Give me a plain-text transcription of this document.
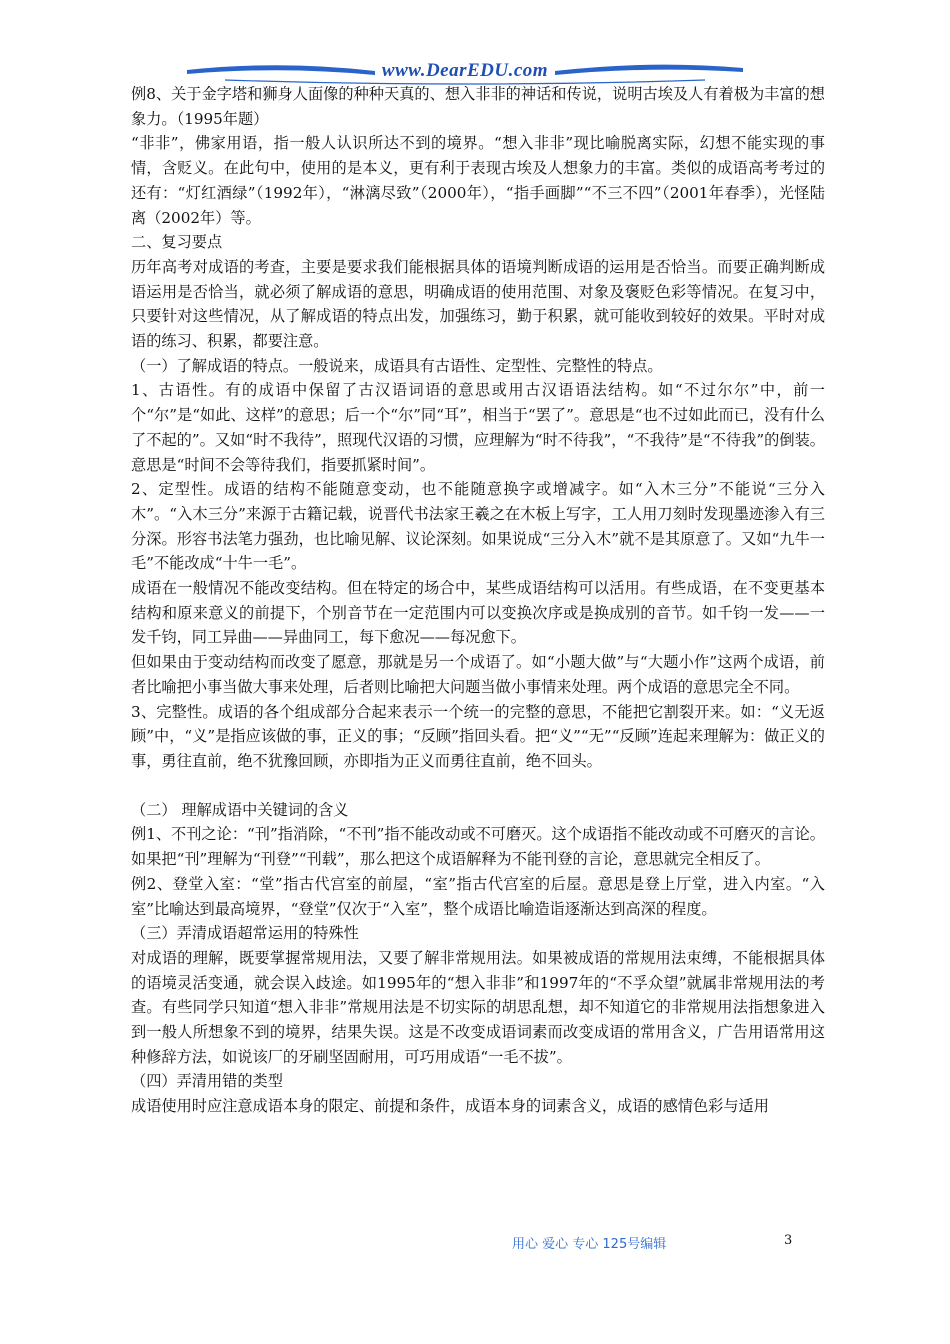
www.DearEDU.com

例8、关于金字塔和狮身人面像的种种天真的、想入非非的神话和传说，说明古埃及人有着极为丰富的想象力。（1995年题）

“非非”，佛家用语，指一般人认识所达不到的境界。“想入非非”现比喻脱离实际，幻想不能实现的事情，含贬义。在此句中，使用的是本义，更有利于表现古埃及人想象力的丰富。类似的成语高考考过的还有：“灯红酒绿”（1992年），“淋漓尽致”（2000年），“指手画脚”“不三不四”（2001年春季），光怪陆离（2002年）等。

二、复习要点

历年高考对成语的考查，主要是要求我们能根据具体的语境判断成语的运用是否恰当。而要正确判断成语运用是否恰当，就必须了解成语的意思，明确成语的使用范围、对象及褒贬色彩等情况。在复习中，只要针对这些情况，从了解成语的特点出发，加强练习，勤于积累，就可能收到较好的效果。平时对成语的练习、积累，都要注意。

（一）了解成语的特点。一般说来，成语具有古语性、定型性、完整性的特点。

1、古语性。有的成语中保留了古汉语词语的意思或用古汉语语法结构。如“不过尔尔”中，前一个“尔”是“如此、这样”的意思；后一个“尔”同“耳”，相当于“罢了”。意思是“也不过如此而已，没有什么了不起的”。又如“时不我待”，照现代汉语的习惯，应理解为“时不待我”，“不我待”是“不待我”的倒装。意思是“时间不会等待我们，指要抓紧时间”。

2、定型性。成语的结构不能随意变动，也不能随意换字或增减字。如“入木三分”不能说“三分入木”。“入木三分”来源于古籍记载，说晋代书法家王羲之在木板上写字，工人用刀刻时发现墨迹渗入有三分深。形容书法笔力强劲，也比喻见解、议论深刻。如果说成“三分入木”就不是其原意了。又如“九牛一毛”不能改成“十牛一毛”。

成语在一般情况不能改变结构。但在特定的场合中，某些成语结构可以活用。有些成语，在不变更基本结构和原来意义的前提下，个别音节在一定范围内可以变换次序或是换成别的音节。如千钧一发——一发千钧，同工异曲——异曲同工，每下愈况——每况愈下。

但如果由于变动结构而改变了愿意，那就是另一个成语了。如“小题大做”与“大题小作”这两个成语，前者比喻把小事当做大事来处理，后者则比喻把大问题当做小事情来处理。两个成语的意思完全不同。

3、完整性。成语的各个组成部分合起来表示一个统一的完整的意思，不能把它割裂开来。如：“义无返顾”中，“义”是指应该做的事，正义的事；“反顾”指回头看。把“义”“无”“反顾”连起来理解为：做正义的事，勇往直前，绝不犹豫回顾，亦即指为正义而勇往直前，绝不回头。

（二） 理解成语中关键词的含义

例1、不刊之论：“刊”指消除，“不刊”指不能改动或不可磨灭。这个成语指不能改动或不可磨灭的言论。如果把“刊”理解为“刊登”“刊载”，那么把这个成语解释为不能刊登的言论，意思就完全相反了。

例2、登堂入室：“堂”指古代宫室的前屋，“室”指古代宫室的后屋。意思是登上厅堂，进入内室。“入室”比喻达到最高境界，“登堂”仅次于“入室”，整个成语比喻造诣逐渐达到高深的程度。

（三）弄清成语超常运用的特殊性

对成语的理解，既要掌握常规用法，又要了解非常规用法。如果被成语的常规用法束缚，不能根据具体的语境灵活变通，就会误入歧途。如1995年的“想入非非”和1997年的“不孚众望”就属非常规用法的考查。有些同学只知道“想入非非”常规用法是不切实际的胡思乱想，却不知道它的非常规用法指想象进入到一般人所想象不到的境界，结果失误。这是不改变成语词素而改变成语的常用含义，广告用语常用这种修辞方法，如说该厂的牙刷坚固耐用，可巧用成语“一毛不拔”。

（四）弄清用错的类型

成语使用时应注意成语本身的限定、前提和条件，成语本身的词素含义，成语的感情色彩与适用

用心 爱心 专心 125号编辑	3
